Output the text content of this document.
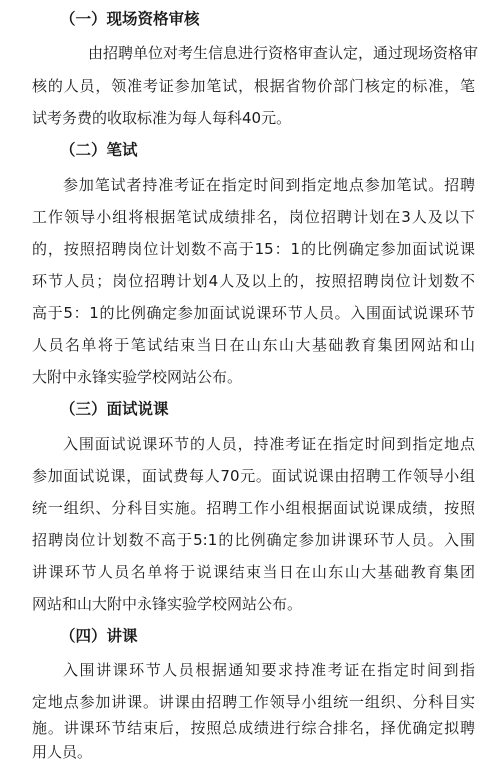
（一）现场资格审核
由招聘单位对考生信息进行资格审查认定，通过现场资格审
核的人员，领准考证参加笔试，根据省物价部门核定的标准，笔
试考务费的收取标准为每人每科40元。
（二）笔试
参加笔试者持准考证在指定时间到指定地点参加笔试。招聘
工作领导小组将根据笔试成绩排名，岗位招聘计划在3人及以下
的，按照招聘岗位计划数不高于15：1的比例确定参加面试说课
环节人员；岗位招聘计划4人及以上的，按照招聘岗位计划数不
高于5：1的比例确定参加面试说课环节人员。入围面试说课环节
人员名单将于笔试结束当日在山东山大基础教育集团网站和山
大附中永锋实验学校网站公布。
（三）面试说课
入围面试说课环节的人员，持准考证在指定时间到指定地点
参加面试说课，面试费每人70元。面试说课由招聘工作领导小组
统一组织、分科目实施。招聘工作小组根据面试说课成绩，按照
招聘岗位计划数不高于5:1的比例确定参加讲课环节人员。入围
讲课环节人员名单将于说课结束当日在山东山大基础教育集团
网站和山大附中永锋实验学校网站公布。
（四）讲课
入围讲课环节人员根据通知要求持准考证在指定时间到指
定地点参加讲课。讲课由招聘工作领导小组统一组织、分科目实
施。讲课环节结束后，按照总成绩进行综合排名，择优确定拟聘
用人员。
